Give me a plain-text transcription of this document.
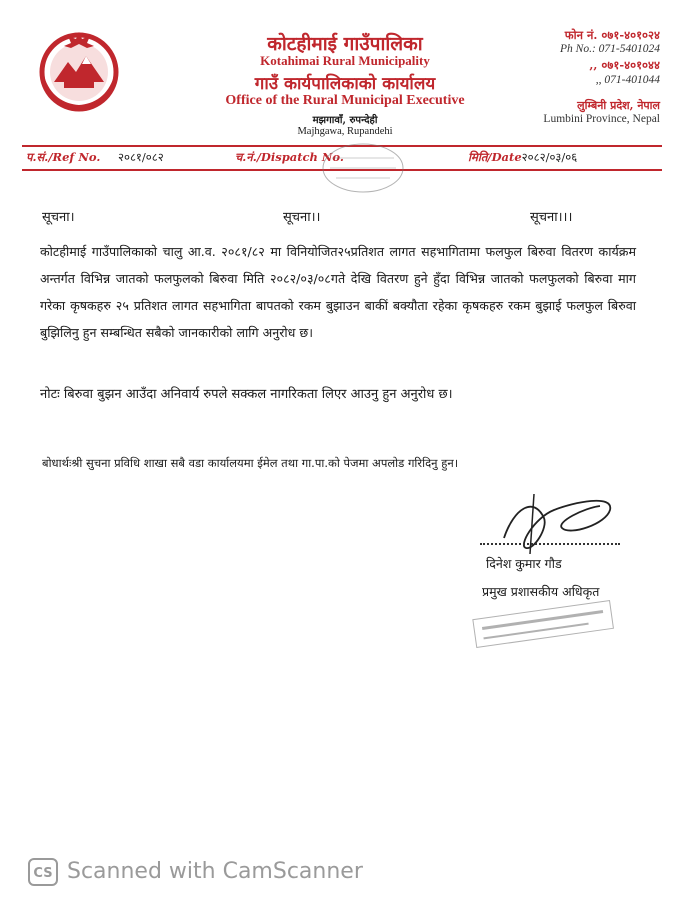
कोटहीमाई गाउँपालिका
Kotahimai Rural Municipality
गाउँ कार्यपालिकाको कार्यालय
Office of the Rural Municipal Executive
मझगावाँ, रुपन्देही
Majhgawa, Rupandehi
फोन नं. ०७१-४०१०२४
Ph No.: 071-5401024
,, ०७१-४०१०४४
,, 071-401044
लुम्बिनी प्रदेश, नेपाल
Lumbini Province, Nepal
प.सं./Ref No. २०८१/०८२	च.नं./Dispatch No.	मिति/Date२०८२/०३/०६
सूचना।	सूचना।।	सूचना।।।
कोटहीमाई गाउँपालिकाको चालु आ.व. २०८१/८२ मा विनियोजित२५प्रतिशत लागत सहभागितामा फलफुल बिरुवा वितरण कार्यक्रम अन्तर्गत विभिन्न जातको फलफुलको बिरुवा मिति २०८२/०३/०८गते देखि वितरण हुने हुँदा विभिन्न जातको फलफुलको बिरुवा माग गरेका कृषकहरु २५ प्रतिशत लागत सहभागिता बापतको रकम बुझाउन बाकीं बक्यौता रहेका कृषकहरु रकम बुझाई फलफुल बिरुवा बुझिलिनु हुन सम्बन्धित सबैको जानकारीको लागि अनुरोध छ।
नोटः बिरुवा बुझन आउँदा अनिवार्य रुपले सक्कल नागरिकता लिएर आउनु हुन अनुरोध छ।
बोधार्थःश्री सुचना प्रविधि शाखा सबै वडा कार्यालयमा ईमेल तथा गा.पा.को पेजमा अपलोड गरिदिनु हुन।
दिनेश कुमार गौड
प्रमुख प्रशासकीय अधिकृत
CS Scanned with CamScanner
